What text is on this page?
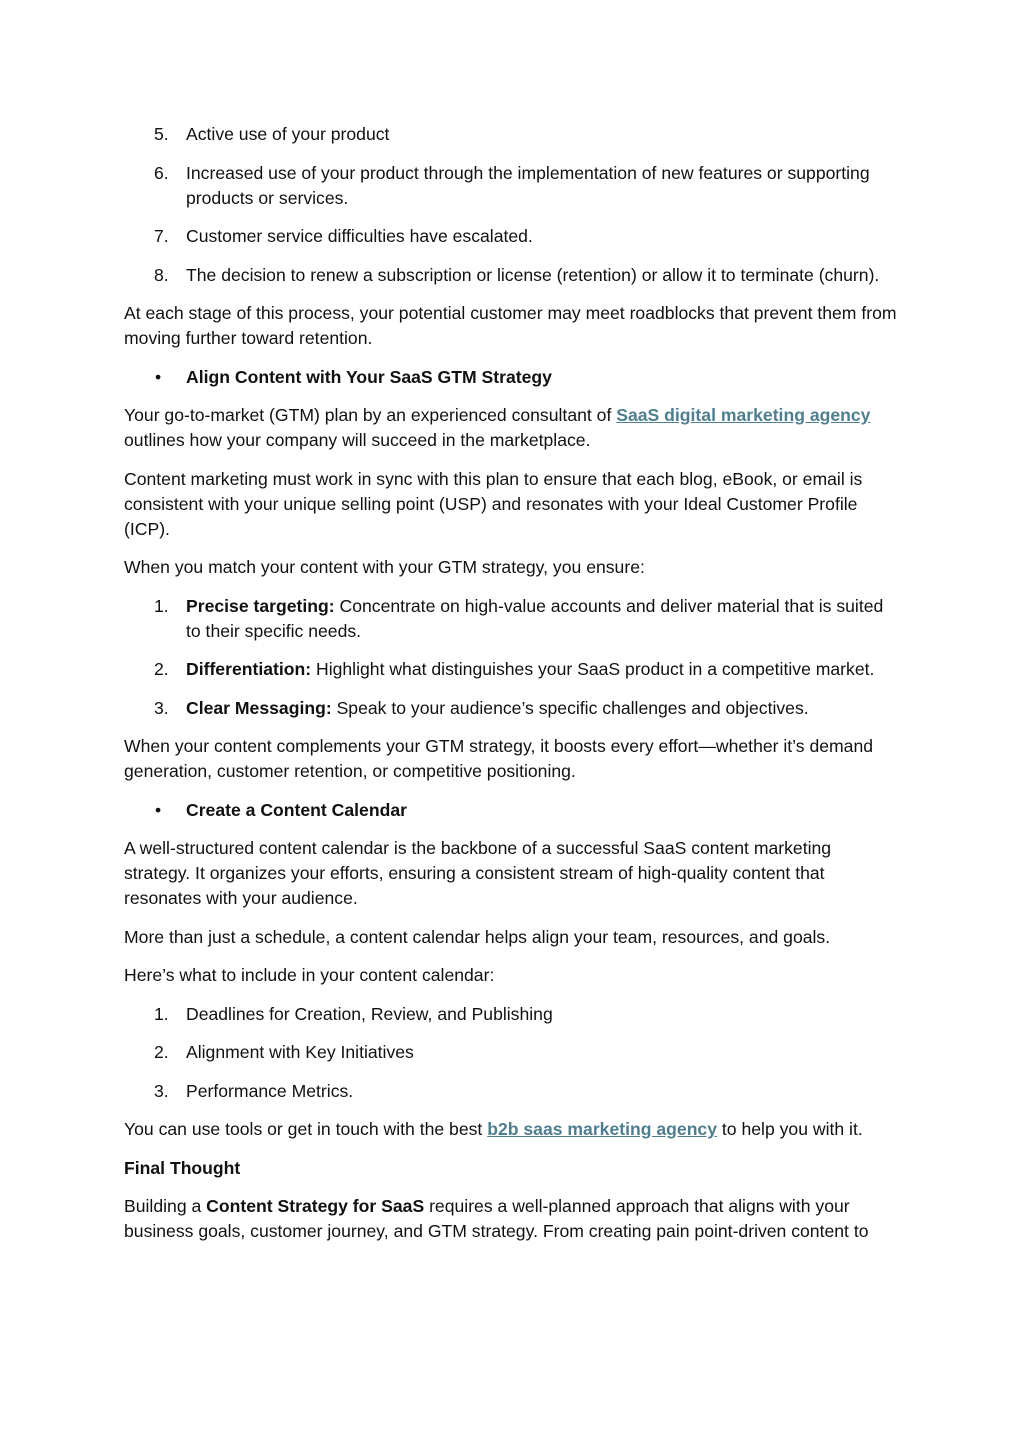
5. Active use of your product
6. Increased use of your product through the implementation of new features or supporting products or services.
7. Customer service difficulties have escalated.
8. The decision to renew a subscription or license (retention) or allow it to terminate (churn).

At each stage of this process, your potential customer may meet roadblocks that prevent them from moving further toward retention.

• Align Content with Your SaaS GTM Strategy

Your go-to-market (GTM) plan by an experienced consultant of SaaS digital marketing agency outlines how your company will succeed in the marketplace.

Content marketing must work in sync with this plan to ensure that each blog, eBook, or email is consistent with your unique selling point (USP) and resonates with your Ideal Customer Profile (ICP).

When you match your content with your GTM strategy, you ensure:

1. Precise targeting: Concentrate on high-value accounts and deliver material that is suited to their specific needs.
2. Differentiation: Highlight what distinguishes your SaaS product in a competitive market.
3. Clear Messaging: Speak to your audience’s specific challenges and objectives.

When your content complements your GTM strategy, it boosts every effort—whether it’s demand generation, customer retention, or competitive positioning.

• Create a Content Calendar

A well-structured content calendar is the backbone of a successful SaaS content marketing strategy. It organizes your efforts, ensuring a consistent stream of high-quality content that resonates with your audience.

More than just a schedule, a content calendar helps align your team, resources, and goals.

Here’s what to include in your content calendar:

1. Deadlines for Creation, Review, and Publishing
2. Alignment with Key Initiatives
3. Performance Metrics.

You can use tools or get in touch with the best b2b saas marketing agency to help you with it.

Final Thought

Building a Content Strategy for SaaS requires a well-planned approach that aligns with your business goals, customer journey, and GTM strategy. From creating pain point-driven content to
